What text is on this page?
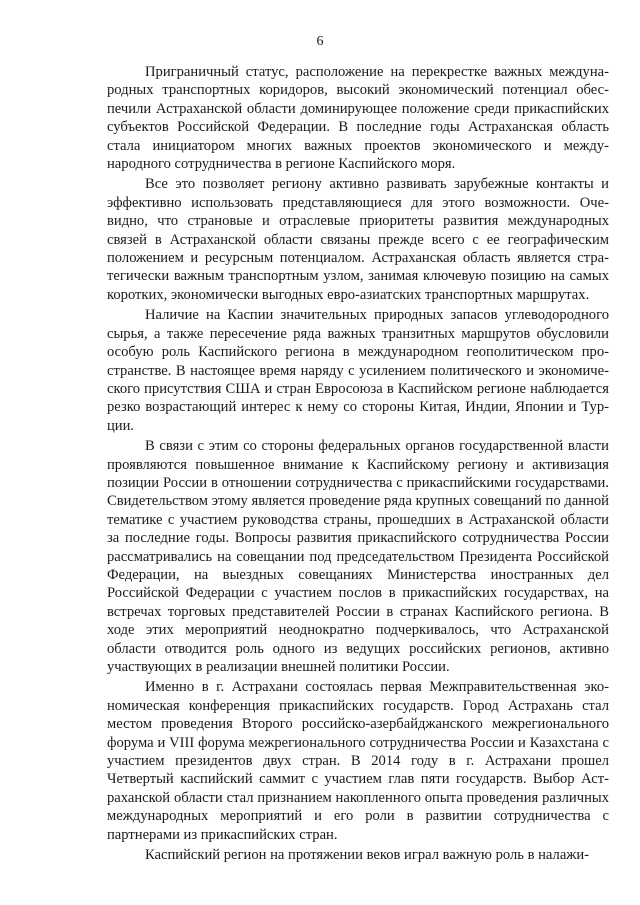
6

Приграничный статус, расположение на перекрестке важных международных транспортных коридоров, высокий экономический потенциал обеспечили Астраханской области доминирующее положение среди прикаспийских субъектов Российской Федерации. В последние годы Астраханская область стала инициатором многих важных проектов экономического и международного сотрудничества в регионе Каспийского моря.

Все это позволяет региону активно развивать зарубежные контакты и эффективно использовать представляющиеся для этого возможности. Очевидно, что страновые и отраслевые приоритеты развития международных связей в Астраханской области связаны прежде всего с ее географическим положением и ресурсным потенциалом. Астраханская область является стратегически важным транспортным узлом, занимая ключевую позицию на самых коротких, экономически выгодных евро-азиатских транспортных маршрутах.

Наличие на Каспии значительных природных запасов углеводородного сырья, а также пересечение ряда важных транзитных маршрутов обусловили особую роль Каспийского региона в международном геополитическом пространстве. В настоящее время наряду с усилением политического и экономического присутствия США и стран Евросоюза в Каспийском регионе наблюдается резко возрастающий интерес к нему со стороны Китая, Индии, Японии и Турции.

В связи с этим со стороны федеральных органов государственной власти проявляются повышенное внимание к Каспийскому региону и активизация позиции России в отношении сотрудничества с прикаспийскими государствами. Свидетельством этому является проведение ряда крупных совещаний по данной тематике с участием руководства страны, прошедших в Астраханской области за последние годы. Вопросы развития прикаспийского сотрудничества России рассматривались на совещании под председательством Президента Российской Федерации, на выездных совещаниях Министерства иностранных дел Российской Федерации с участием послов в прикаспийских государствах, на встречах торговых представителей России в странах Каспийского региона. В ходе этих мероприятий неоднократно подчеркивалось, что Астраханской области отводится роль одного из ведущих российских регионов, активно участвующих в реализации внешней политики России.

Именно в г. Астрахани состоялась первая Межправительственная экономическая конференция прикаспийских государств. Город Астрахань стал местом проведения Второго российско-азербайджанского межрегионального форума и VIII форума межрегионального сотрудничества России и Казахстана с участием президентов двух стран. В 2014 году в г. Астрахани прошел Четвертый каспийский саммит с участием глав пяти государств. Выбор Астраханской области стал признанием накопленного опыта проведения различных международных мероприятий и его роли в развитии сотрудничества с партнерами из прикаспийских стран.

Каспийский регион на протяжении веков играл важную роль в налажи-
